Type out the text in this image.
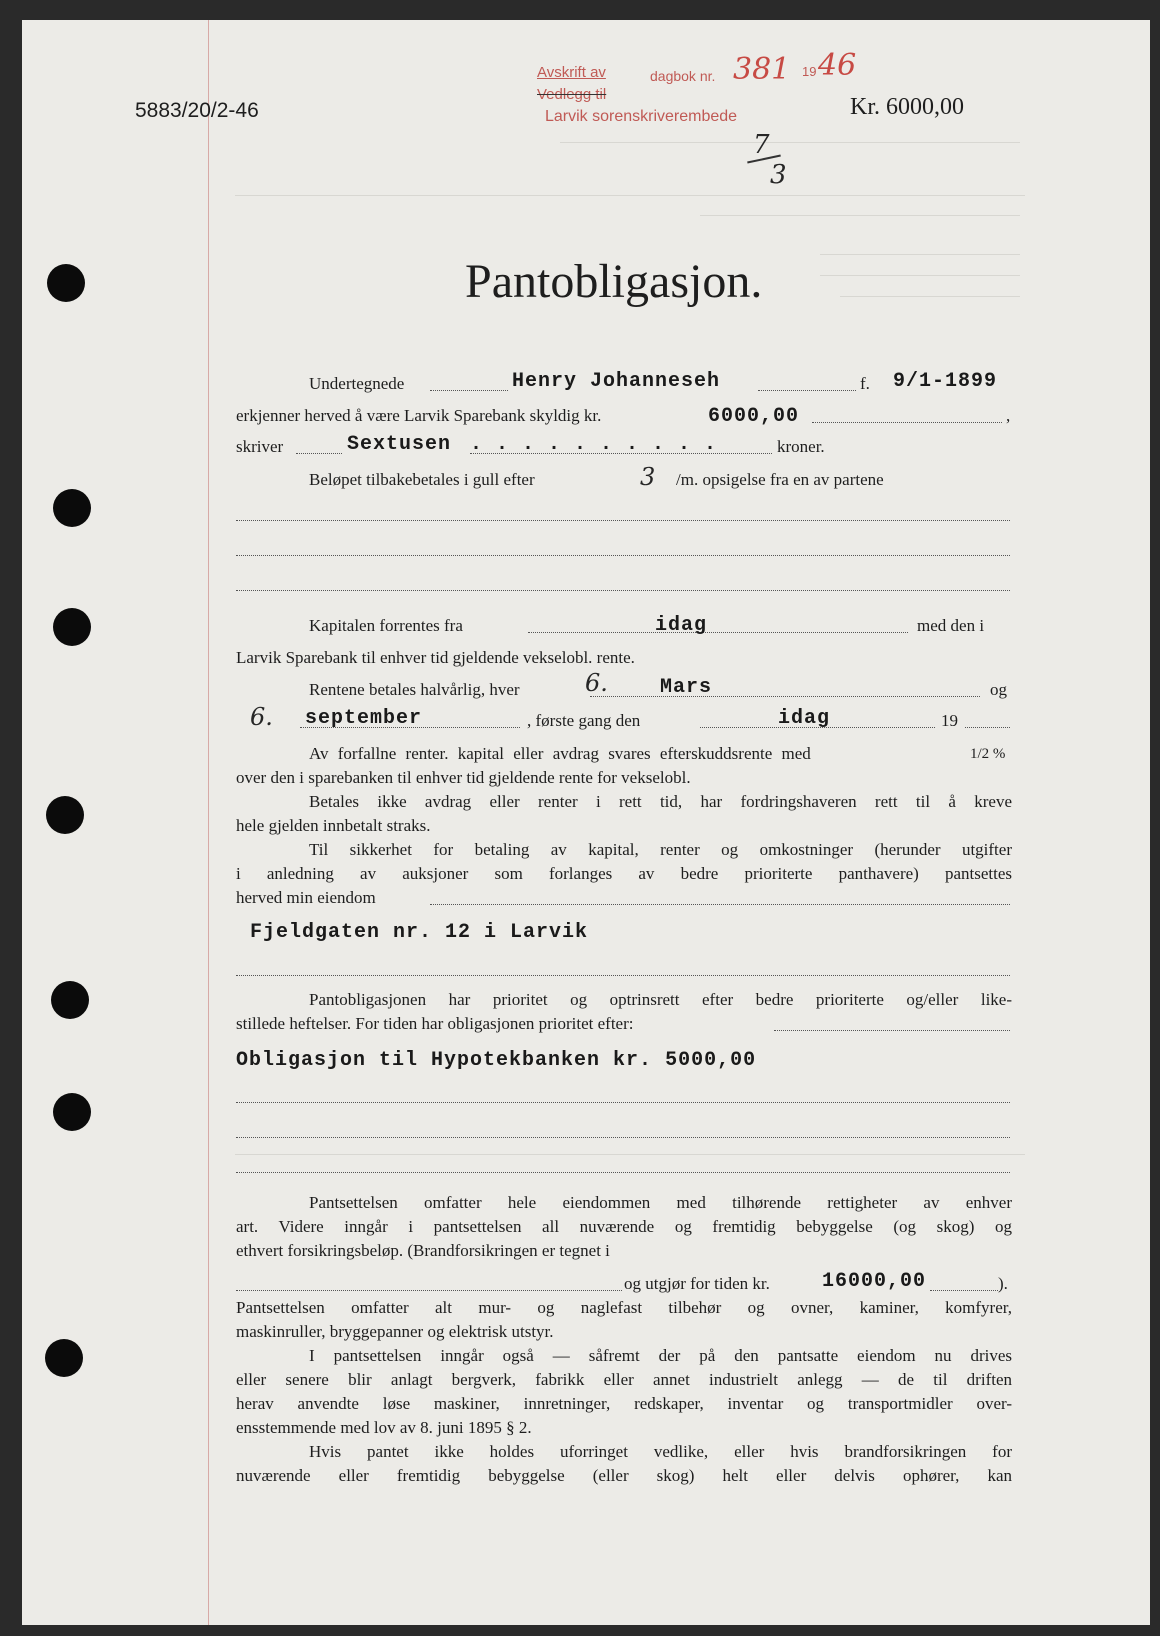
5883/20/2-46
Avskrift av
Vedlegg til
dagbok nr. 381 19 46
Larvik sorenskriverembede
7
3
Kr. 6000,00
Pantobligasjon.
Undertegnede	Henry Johanneseh	f. 9/1-1899
erkjenner herved å være Larvik Sparebank skyldig kr.	6000,00	,
skriver	Sextusen . . . . . . . . . .	kroner.
Beløpet tilbakebetales i gull efter	3 /m. opsigelse fra en av partene
Kapitalen forrentes fra	idag	med den i
Larvik Sparebank til enhver tid gjeldende vekselobl. rente.
Rentene betales halvårlig, hver	6.	Mars	og
6. september	, første gang den	idag	19
Av forfallne renter. kapital eller avdrag svares efterskuddsrente med	1/2 %
over den i sparebanken til enhver tid gjeldende rente for vekselobl.
Betales ikke avdrag eller renter i rett tid, har fordringshaveren rett til å kreve
hele gjelden innbetalt straks.
Til sikkerhet for betaling av kapital, renter og omkostninger (herunder utgifter
i anledning av auksjoner som forlanges av bedre prioriterte panthavere) pantsettes
herved min eiendom
Fjeldgaten nr. 12 i Larvik
Pantobligasjonen har prioritet og optrinsrett efter bedre prioriterte og/eller like-
stillede heftelser. For tiden har obligasjonen prioritet efter:
Obligasjon til Hypotekbanken kr. 5000,00
Pantsettelsen omfatter hele eiendommen med tilhørende rettigheter av enhver
art. Videre inngår i pantsettelsen all nuværende og fremtidig bebyggelse (og skog) og
ethvert forsikringsbeløp. (Brandforsikringen er tegnet i
og utgjør for tiden kr.	16000,00	).
Pantsettelsen omfatter alt mur- og naglefast tilbehør og ovner, kaminer, komfyrer,
maskinruller, bryggepanner og elektrisk utstyr.
I pantsettelsen inngår også — såfremt der på den pantsatte eiendom nu drives
eller senere blir anlagt bergverk, fabrikk eller annet industrielt anlegg — de til driften
herav anvendte løse maskiner, innretninger, redskaper, inventar og transportmidler over-
ensstemmende med lov av 8. juni 1895 § 2.
Hvis pantet ikke holdes uforringet vedlike, eller hvis brandforsikringen for
nuværende eller fremtidig bebyggelse (eller skog) helt eller delvis ophører, kan
